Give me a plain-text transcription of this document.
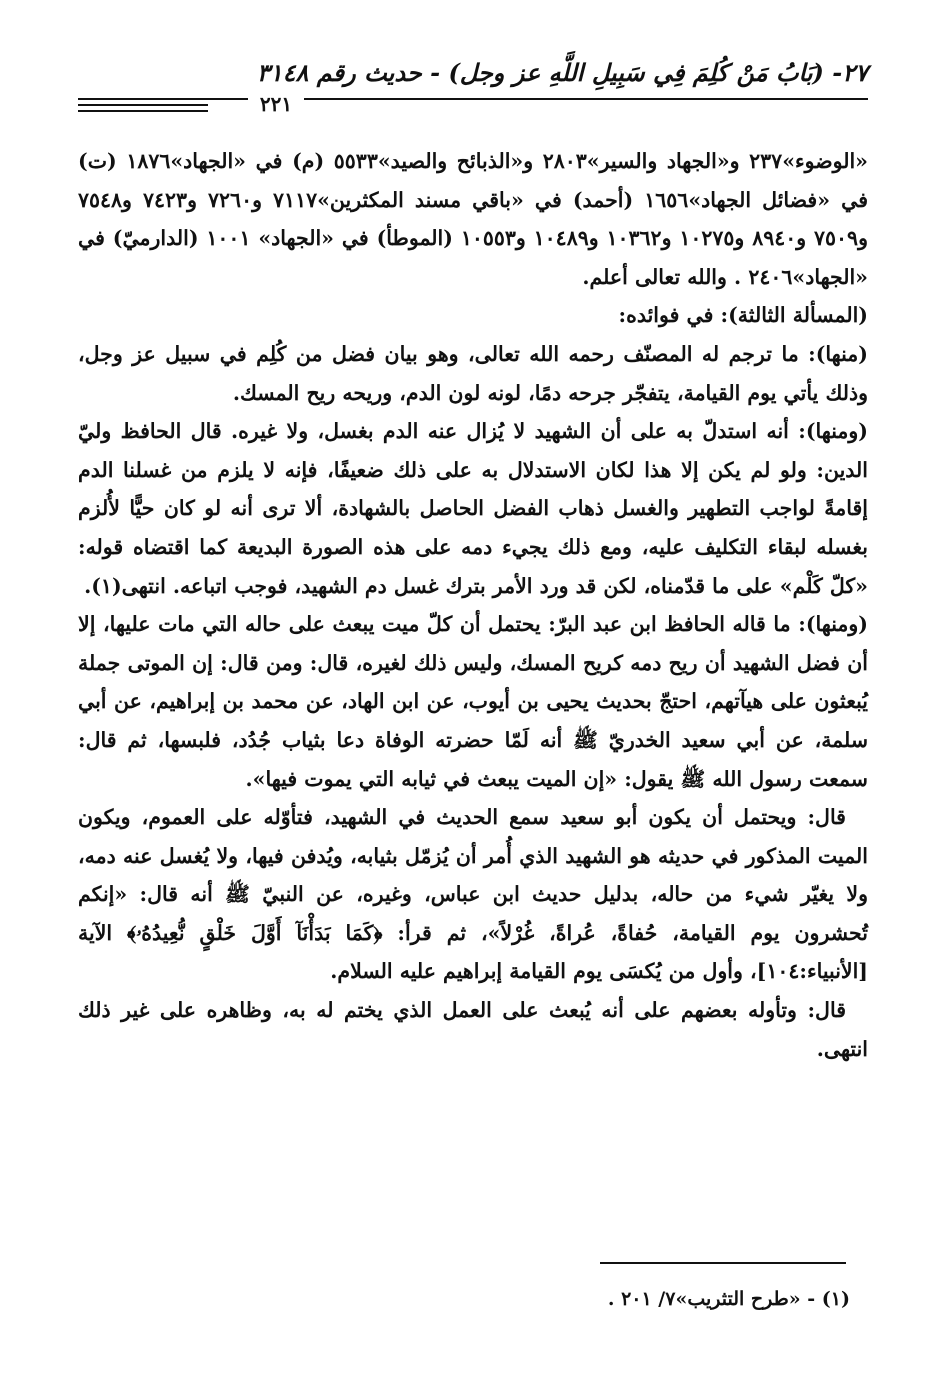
٢٧- (بَابُ مَنْ كُلِمَ فِي سَبِيلِ اللَّهِ عز وجل) - حديث رقم ٣١٤٨
٢٢١

«الوضوء»٢٣٧ و«الجهاد والسير»٢٨٠٣ و«الذبائح والصيد»٥٥٣٣ (م) في «الجهاد»١٨٧٦ (ت) في «فضائل الجهاد»١٦٥٦ (أحمد) في «باقي مسند المكثرين»٧١١٧ و٧٢٦٠ و٧٤٢٣ و٧٥٤٨ و٧٥٠٩ و٨٩٤٠ و١٠٢٧٥ و١٠٣٦٢ و١٠٤٨٩ و١٠٥٥٣ (الموطأ) في «الجهاد» ١٠٠١ (الدارميّ) في «الجهاد»٢٤٠٦ . والله تعالى أعلم.

(المسألة الثالثة): في فوائده:

(منها): ما ترجم له المصنّف رحمه الله تعالى، وهو بيان فضل من كُلِم في سبيل عز وجل، وذلك يأتي يوم القيامة، يتفجّر جرحه دمًا، لونه لون الدم، وريحه ريح المسك.

(ومنها): أنه استدلّ به على أن الشهيد لا يُزال عنه الدم بغسل، ولا غيره. قال الحافظ وليّ الدين: ولو لم يكن إلا هذا لكان الاستدلال به على ذلك ضعيفًا، فإنه لا يلزم من غسلنا الدم إقامةً لواجب التطهير والغسل ذهاب الفضل الحاصل بالشهادة، ألا ترى أنه لو كان حيًّا لأُلزم بغسله لبقاء التكليف عليه، ومع ذلك يجيء دمه على هذه الصورة البديعة كما اقتضاه قوله: «كلّ كَلْم» على ما قدّمناه، لكن قد ورد الأمر بترك غسل دم الشهيد، فوجب اتباعه. انتهى(١).

(ومنها): ما قاله الحافظ ابن عبد البرّ: يحتمل أن كلّ ميت يبعث على حاله التي مات عليها، إلا أن فضل الشهيد أن ريح دمه كريح المسك، وليس ذلك لغيره، قال: ومن قال: إن الموتى جملة يُبعثون على هيآتهم، احتجّ بحديث يحيى بن أيوب، عن ابن الهاد، عن محمد بن إبراهيم، عن أبي سلمة، عن أبي سعيد الخدريّ ﷺ أنه لَمّا حضرته الوفاة دعا بثياب جُدُد، فلبسها، ثم قال: سمعت رسول الله ﷺ يقول: «إن الميت يبعث في ثيابه التي يموت فيها».

قال: ويحتمل أن يكون أبو سعيد سمع الحديث في الشهيد، فتأوّله على العموم، ويكون الميت المذكور في حديثه هو الشهيد الذي أُمر أن يُزمّل بثيابه، ويُدفن فيها، ولا يُغسل عنه دمه، ولا يغيّر شيء من حاله، بدليل حديث ابن عباس، وغيره، عن النبيّ ﷺ أنه قال: «إنكم تُحشرون يوم القيامة، حُفاةً، عُراةً، غُرْلاً»، ثم قرأ: ﴿كَمَا بَدَأْنَآ أَوَّلَ خَلْقٍ نُّعِيدُهُۥ﴾ الآية [الأنبياء:١٠٤]، وأول من يُكسَى يوم القيامة إبراهيم عليه السلام.

قال: وتأوله بعضهم على أنه يُبعث على العمل الذي يختم له به، وظاهره على غير ذلك انتهى.

(١) - «طرح التثريب»٧/ ٢٠١ .
